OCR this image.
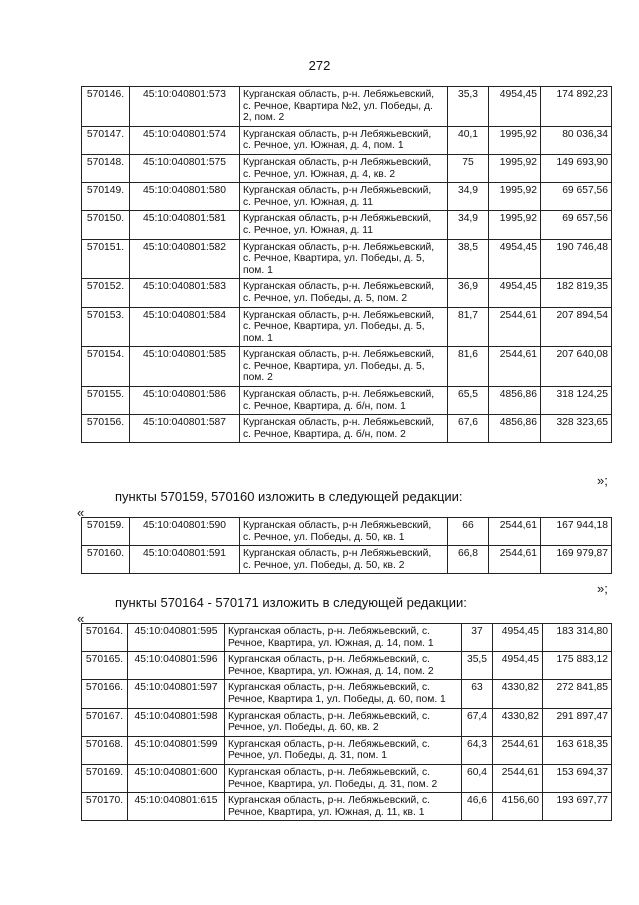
272
570146.	45:10:040801:573	Курганская область, р-н. Лебяжьевский,
с. Речное, Квартира №2, ул. Победы, д.
2, пом. 2	35,3	4954,45	174 892,23
570147.	45:10:040801:574	Курганская область, р-н Лебяжьевский,
с. Речное, ул. Южная, д. 4, пом. 1	40,1	1995,92	80 036,34
570148.	45:10:040801:575	Курганская область, р-н Лебяжьевский,
с. Речное, ул. Южная, д. 4, кв. 2	75	1995,92	149 693,90
570149.	45:10:040801:580	Курганская область, р-н Лебяжьевский,
с. Речное, ул. Южная, д. 11	34,9	1995,92	69 657,56
570150.	45:10:040801:581	Курганская область, р-н Лебяжьевский,
с. Речное, ул. Южная, д. 11	34,9	1995,92	69 657,56
570151.	45:10:040801:582	Курганская область, р-н. Лебяжьевский,
с. Речное, Квартира, ул. Победы, д. 5,
пом. 1	38,5	4954,45	190 746,48
570152.	45:10:040801:583	Курганская область, р-н. Лебяжьевский,
с. Речное, ул. Победы, д. 5, пом. 2	36,9	4954,45	182 819,35
570153.	45:10:040801:584	Курганская область, р-н. Лебяжьевский,
с. Речное, Квартира, ул. Победы, д. 5,
пом. 1	81,7	2544,61	207 894,54
570154.	45:10:040801:585	Курганская область, р-н. Лебяжьевский,
с. Речное, Квартира, ул. Победы, д. 5,
пом. 2	81,6	2544,61	207 640,08
570155.	45:10:040801:586	Курганская область, р-н. Лебяжьевский,
с. Речное, Квартира, д. б/н, пом. 1	65,5	4856,86	318 124,25
570156.	45:10:040801:587	Курганская область, р-н. Лебяжьевский,
с. Речное, Квартира, д. б/н, пом. 2	67,6	4856,86	328 323,65
»;
пункты 570159, 570160 изложить в следующей редакции:
«
570159.	45:10:040801:590	Курганская область, р-н Лебяжьевский,
с. Речное, ул. Победы, д. 50, кв. 1	66	2544,61	167 944,18
570160.	45:10:040801:591	Курганская область, р-н Лебяжьевский,
с. Речное, ул. Победы, д. 50, кв. 2	66,8	2544,61	169 979,87
»;
пункты 570164 - 570171 изложить в следующей редакции:
«
570164.	45:10:040801:595	Курганская область, р-н. Лебяжьевский, с.
Речное, Квартира, ул. Южная, д. 14, пом. 1	37	4954,45	183 314,80
570165.	45:10:040801:596	Курганская область, р-н. Лебяжьевский, с.
Речное, Квартира, ул. Южная, д. 14, пом. 2	35,5	4954,45	175 883,12
570166.	45:10:040801:597	Курганская область, р-н. Лебяжьевский, с.
Речное, Квартира 1, ул. Победы, д. 60, пом. 1	63	4330,82	272 841,85
570167.	45:10:040801:598	Курганская область, р-н. Лебяжьевский, с.
Речное, ул. Победы, д. 60, кв. 2	67,4	4330,82	291 897,47
570168.	45:10:040801:599	Курганская область, р-н. Лебяжьевский, с.
Речное, ул. Победы, д. 31, пом. 1	64,3	2544,61	163 618,35
570169.	45:10:040801:600	Курганская область, р-н. Лебяжьевский, с.
Речное, Квартира, ул. Победы, д. 31, пом. 2	60,4	2544,61	153 694,37
570170.	45:10:040801:615	Курганская область, р-н. Лебяжьевский, с.
Речное, Квартира, ул. Южная, д. 11, кв. 1	46,6	4156,60	193 697,77
